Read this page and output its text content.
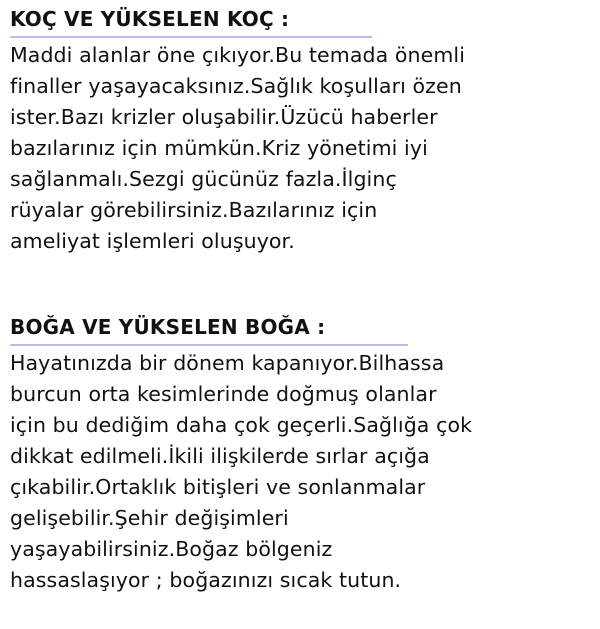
KOÇ VE YÜKSELEN KOÇ :

Maddi alanlar öne çıkıyor.Bu temada önemli
finaller yaşayacaksınız.Sağlık koşulları özen
ister.Bazı krizler oluşabilir.Üzücü haberler
bazılarınız için mümkün.Kriz yönetimi iyi
sağlanmalı.Sezgi gücünüz fazla.İlginç
rüyalar görebilirsiniz.Bazılarınız için
ameliyat işlemleri oluşuyor.

BOĞA VE YÜKSELEN BOĞA :

Hayatınızda bir dönem kapanıyor.Bilhassa
burcun orta kesimlerinde doğmuş olanlar
için bu dediğim daha çok geçerli.Sağlığa çok
dikkat edilmeli.İkili ilişkilerde sırlar açığa
çıkabilir.Ortaklık bitişleri ve sonlanmalar
gelişebilir.Şehir değişimleri
yaşayabilirsiniz.Boğaz bölgeniz
hassaslaşıyor ; boğazınızı sıcak tutun.
